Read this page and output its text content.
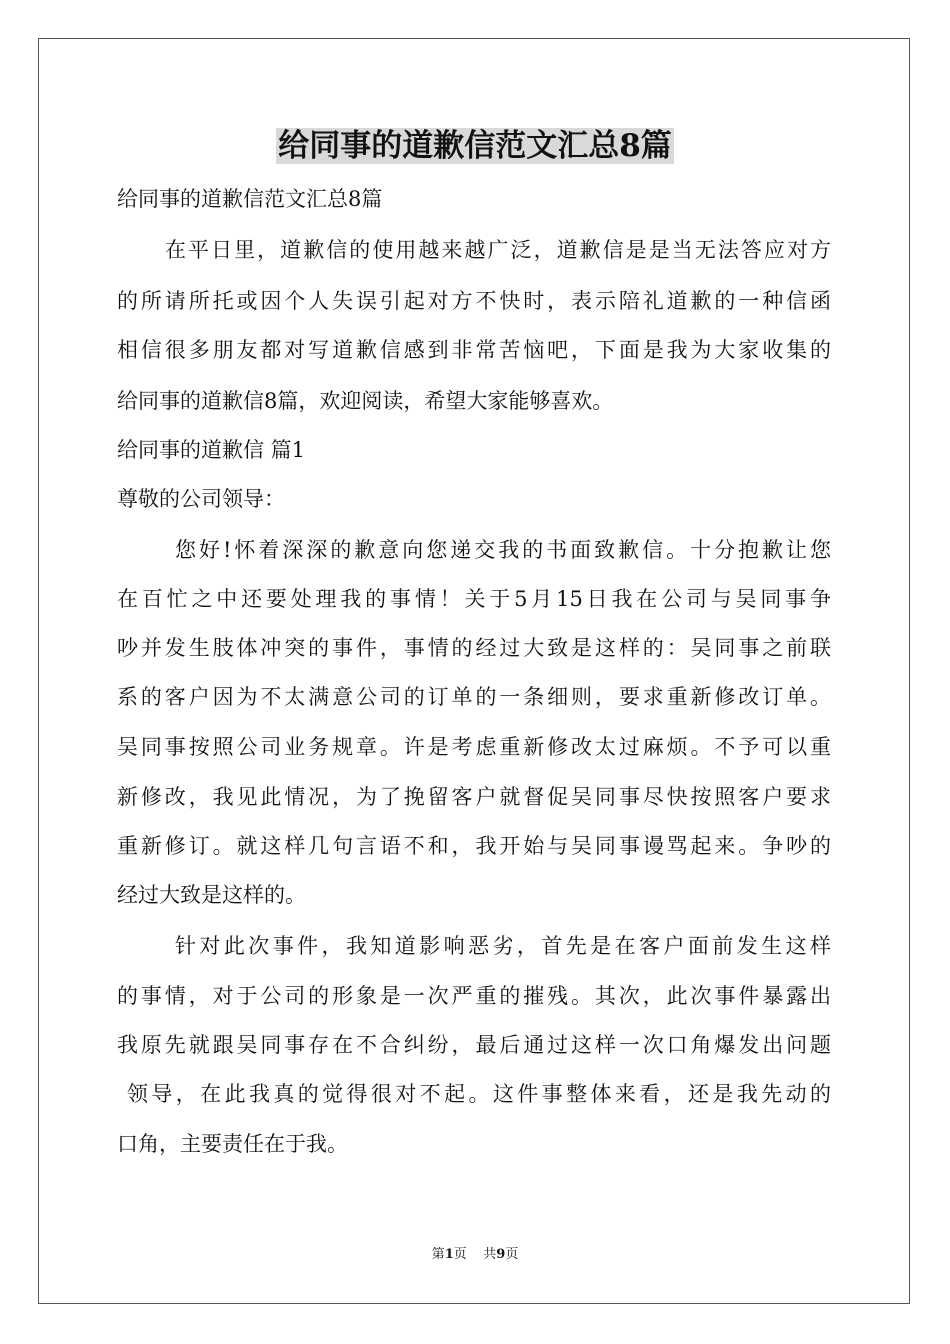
给同事的道歉信范文汇总8篇
给同事的道歉信范文汇总8篇
在平日里，道歉信的使用越来越广泛，道歉信是是当无法答应对方
的所请所托或因个人失误引起对方不快时，表示陪礼道歉的一种信函
相信很多朋友都对写道歉信感到非常苦恼吧，下面是我为大家收集的
给同事的道歉信8篇，欢迎阅读，希望大家能够喜欢。
给同事的道歉信 篇1
尊敬的公司领导：
您好!怀着深深的歉意向您递交我的书面致歉信。十分抱歉让您
在百忙之中还要处理我的事情！关于5月15日我在公司与吴同事争
吵并发生肢体冲突的事件，事情的经过大致是这样的：吴同事之前联
系的客户因为不太满意公司的订单的一条细则，要求重新修改订单。
吴同事按照公司业务规章。许是考虑重新修改太过麻烦。不予可以重
新修改，我见此情况，为了挽留客户就督促吴同事尽快按照客户要求
重新修订。就这样几句言语不和，我开始与吴同事谩骂起来。争吵的
经过大致是这样的。
针对此次事件，我知道影响恶劣，首先是在客户面前发生这样
的事情，对于公司的形象是一次严重的摧残。其次，此次事件暴露出
我原先就跟吴同事存在不合纠纷，最后通过这样一次口角爆发出问题
领导，在此我真的觉得很对不起。这件事整体来看，还是我先动的
口角，主要责任在于我。
第1页    共9页
